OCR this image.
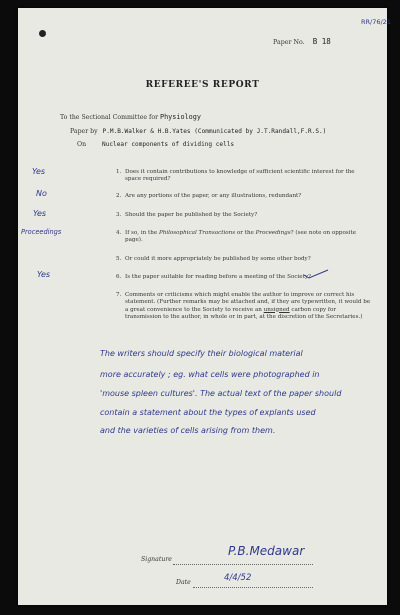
RR/76/21
Paper No. B 18
REFEREE'S REPORT
To the Sectional Committee for Physiology
Paper by P.M.B.Walker & H.B.Yates (Communicated by J.T.Randall,F.R.S.)
On	Nuclear components of dividing cells
1. Does it contain contributions to knowledge of sufficient scientific interest for the space required?
2. Are any portions of the paper, or any illustrations, redundant?
3. Should the paper be published by the Society?
4. If so, in the Philosophical Transactions or the Proceedings? (see note on opposite page).
5. Or could it more appropriately be published by some other body?
6. Is the paper suitable for reading before a meeting of the Society?
7. Comments or criticisms which might enable the author to improve or correct his statement. (Further remarks may be attached and, if they are typewritten, it would be a great convenience to the Society to receive an unsigned carbon copy for transmission to the author, in whole or in part, at the discretion of the Secretaries.)
Yes
No
Yes
Proceedings
Yes
The writers should specify their biological material
more accurately ; eg. what cells were photographed in
'mouse spleen cultures'. The actual text of the paper should
contain a statement about the types of explants used
and the varieties of cells arising from them.
Signature
P.B.Medawar
Date	4/4/52
